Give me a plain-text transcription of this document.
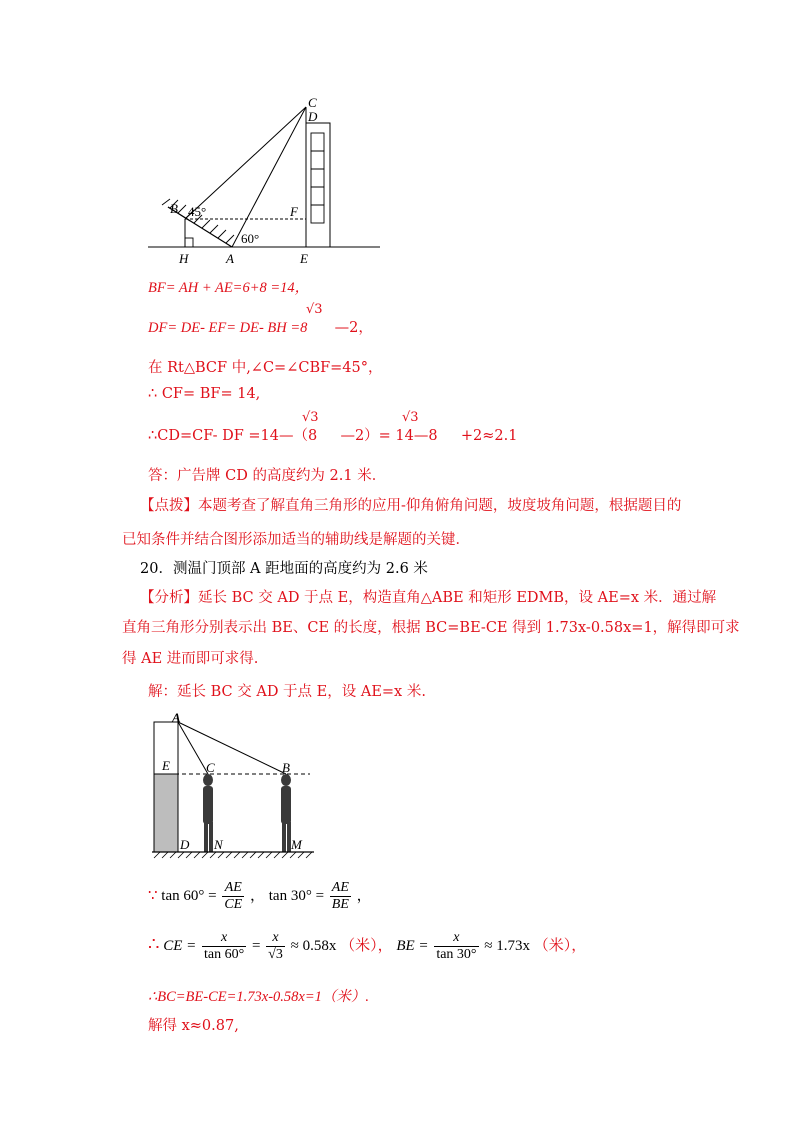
C
D
B 45°	F
60°
H	A	E
BF= AH + AE=6+8 =14，
DF= DE- EF= DE- BH =8 —2，
√3
在 Rt△BCF 中,∠C=∠CBF=45°，
∴ CF= BF= 14,
∴CD=CF- DF =14—（8 —2）= 14—8 +2≈2.1
√3	√3
答：广告牌 CD 的高度约为 2.1 米．
【点拨】本题考查了解直角三角形的应用-仰角俯角问题，坡度坡角问题，根据题目的
已知条件并结合图形添加适当的辅助线是解题的关键．
20．测温门顶部 A 距地面的高度约为 2.6 米
【分析】延长 BC 交 AD 于点 E，构造直角△ABE 和矩形 EDMB，设 AE=x 米．通过解
直角三角形分别表示出 BE、CE 的长度，根据 BC=BE-CE 得到 1.73x-0.58x=1，解得即可求
得 AE 进而即可求得.
解：延长 BC 交 AD 于点 E，设 AE=x 米.
A
E	C	B
D N	M
∵ $\tan 60^\circ = \frac{AE}{CE}$ ， $\tan 30^\circ = \frac{AE}{BE}$ ，
∴ CE = $\frac{x}{\tan 60^\circ} = \frac{x}{√3} \approx 0.58x$ （米）， BE = $\frac{x}{\tan 30^\circ} \approx 1.73x$ （米），
∴BC=BE-CE=1.73x-0.58x=1（米）.
解得 x≈0.87,
